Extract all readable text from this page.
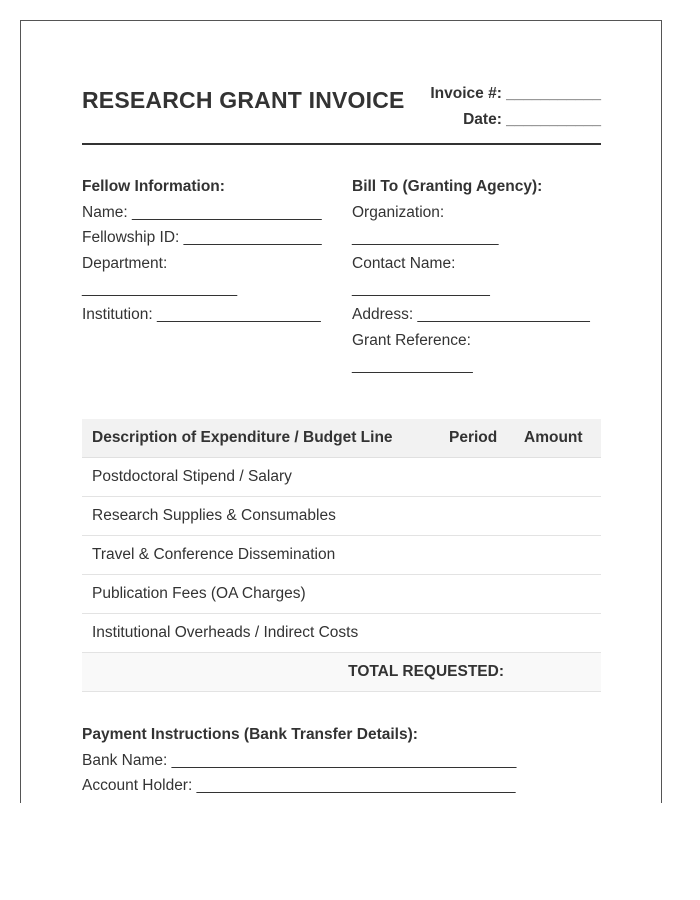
RESEARCH GRANT INVOICE Invoice #: ___________
Date: ___________
Fellow Information:
Name: ______________________
Fellowship ID: ________________
Department:
__________________
Institution: ___________________
Bill To (Granting Agency):
Organization:
_________________
Contact Name:
________________
Address: ____________________
Grant Reference:
______________
Description of Expenditure / Budget Line	Period Amount
Postdoctoral Stipend / Salary
Research Supplies & Consumables
Travel & Conference Dissemination
Publication Fees (OA Charges)
Institutional Overheads / Indirect Costs
TOTAL REQUESTED:
Payment Instructions (Bank Transfer Details):
Bank Name: ________________________________________
Account Holder: _____________________________________
